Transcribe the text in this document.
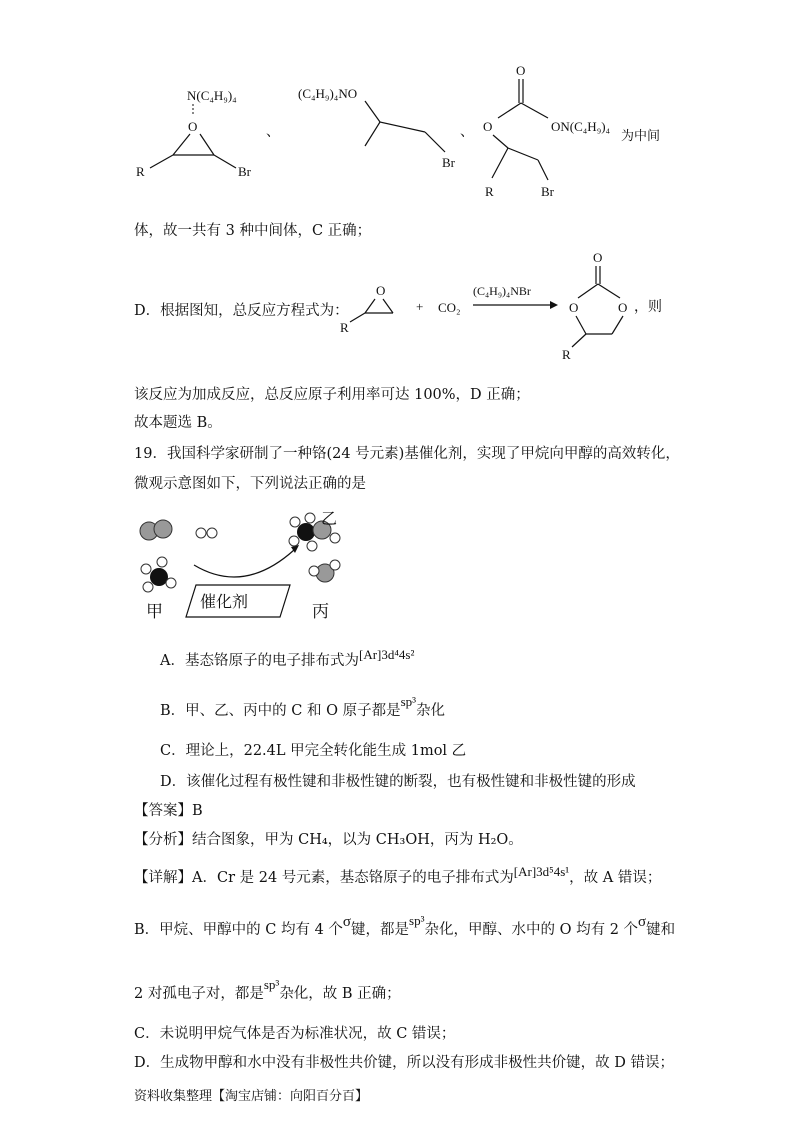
N(C₄H₉)₄
O
R	Br
、
(C₄H₉)₄NO
Br
、
O
O	ON(C₄H₉)₄
为中间
R	Br
体，故一共有 3 种中间体，C 正确；
D．根据图知，总反应方程式为：
O
R
+ CO₂
(C₄H₉)₄NBr
O
O	O
R
，则
该反应为加成反应，总反应原子利用率可达 100%，D 正确；
故本题选 B。
19．我国科学家研制了一种铬(24 号元素)基催化剂，实现了甲烷向甲醇的高效转化，
微观示意图如下，下列说法正确的是
甲
催化剂
丙
乙
A．基态铬原子的电子排布式为[Ar]3d⁴4s²
B．甲、乙、丙中的 C 和 O 原子都是sp³杂化
C．理论上，22.4L 甲完全转化能生成 1mol 乙
D．该催化过程有极性键和非极性键的断裂，也有极性键和非极性键的形成
【答案】B
【分析】结合图象，甲为 CH₄，以为 CH₃OH，丙为 H₂O。
【详解】A．Cr 是 24 号元素，基态铬原子的电子排布式为[Ar]3d⁵4s¹，故 A 错误；
B．甲烷、甲醇中的 C 均有 4 个σ键，都是sp³杂化，甲醇、水中的 O 均有 2 个σ键和
2 对孤电子对，都是sp³杂化，故 B 正确；
C．未说明甲烷气体是否为标准状况，故 C 错误；
D．生成物甲醇和水中没有非极性共价键，所以没有形成非极性共价键，故 D 错误；
资料收集整理【淘宝店铺：向阳百分百】
